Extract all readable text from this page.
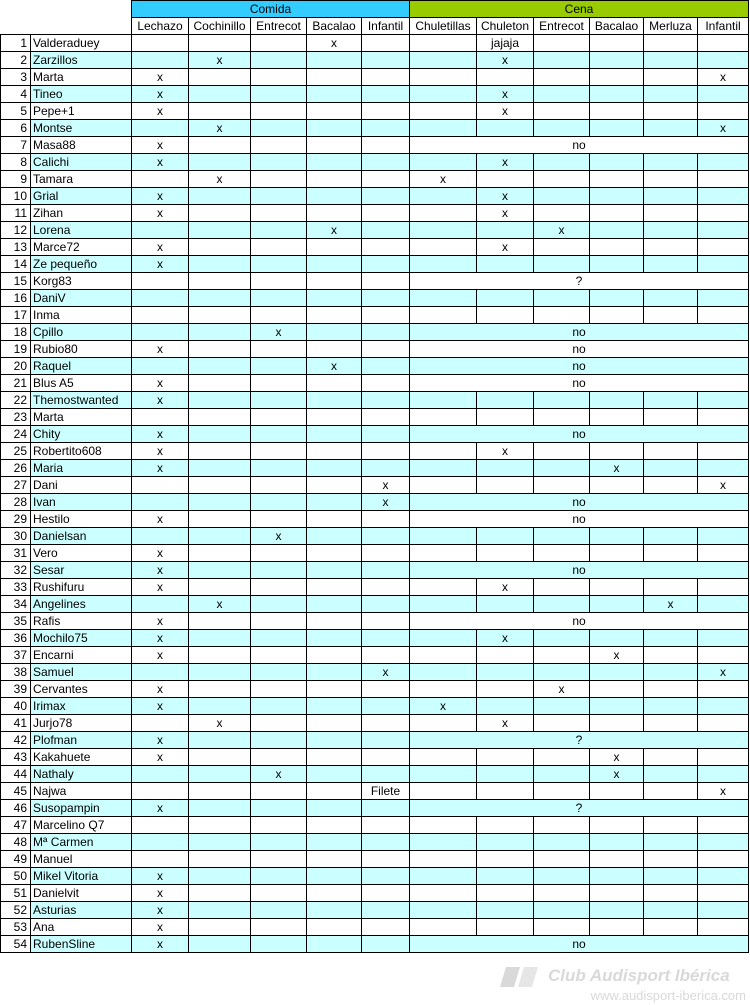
		Comida					Cena					
		Lechazo	Cochinillo	Entrecot	Bacalao	Infantil	Chuletillas	Chuleton	Entrecot	Bacalao	Merluza	Infantil
1	Valderaduey				x			jajaja				
2	Zarzillos		x					x				
3	Marta	x										x
4	Tineo	x						x				
5	Pepe+1	x						x				
6	Montse		x									x
7	Masa88	x					no					
8	Calichi	x						x				
9	Tamara		x				x					
10	Grial	x						x				
11	Zihan	x						x				
12	Lorena				x				x			
13	Marce72	x						x				
14	Ze pequeño	x										
15	Korg83						?					
16	DaniV											
17	Inma											
18	Cpillo			x			no					
19	Rubio80	x					no					
20	Raquel				x		no					
21	Blus A5	x					no					
22	Themostwanted	x										
23	Marta											
24	Chity	x					no					
25	Robertito608	x						x				
26	Maria	x								x		
27	Dani					x						x
28	Ivan					x	no					
29	Hestilo	x					no					
30	Danielsan			x								
31	Vero	x										
32	Sesar	x					no					
33	Rushifuru	x						x				
34	Angelines		x								x	
35	Rafis	x					no					
36	Mochilo75	x						x				
37	Encarni	x								x		
38	Samuel					x						x
39	Cervantes	x							x			
40	Irimax	x					x					
41	Jurjo78		x					x				
42	Plofman	x					?					
43	Kakahuete	x								x		
44	Nathaly			x						x		
45	Najwa					Filete						x
46	Susopampin	x					?					
47	Marcelino Q7											
48	Mª Carmen											
49	Manuel											
50	Mikel Vitoria	x										
51	Danielvit	x										
52	Asturias	x										
53	Ana	x										
54	RubenSline	x					no					
Club Audisport Ibérica
www.audisport-iberica.com
